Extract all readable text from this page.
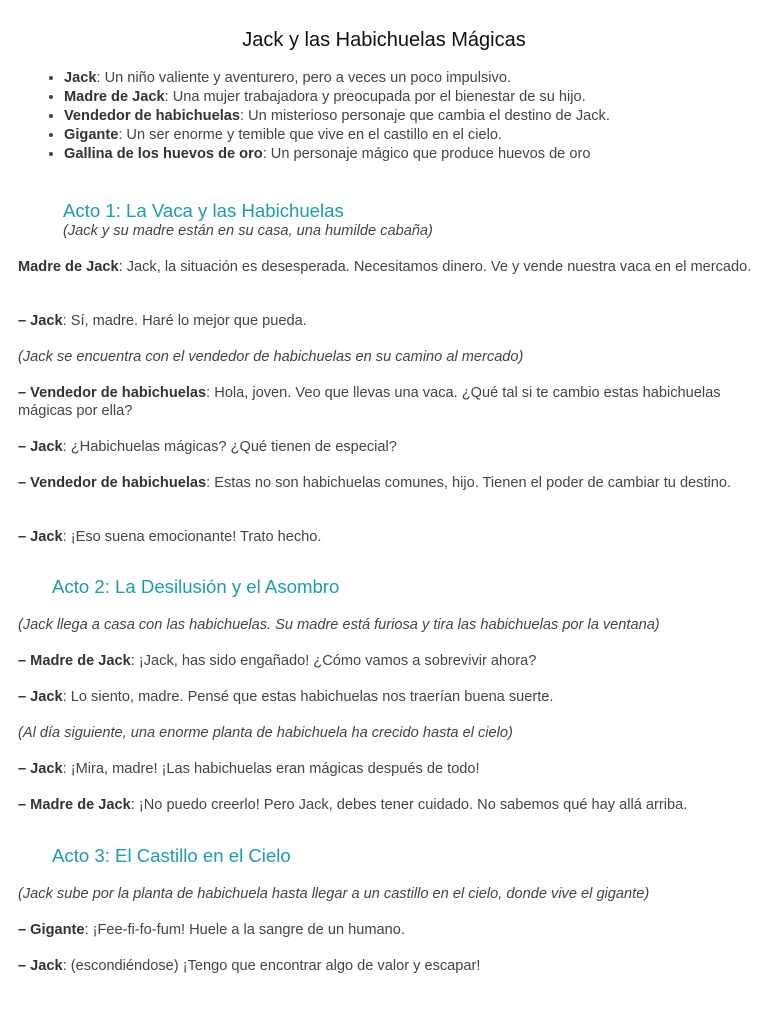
Jack y las Habichuelas Mágicas
• Jack: Un niño valiente y aventurero, pero a veces un poco impulsivo.
• Madre de Jack: Una mujer trabajadora y preocupada por el bienestar de su hijo.
• Vendedor de habichuelas: Un misterioso personaje que cambia el destino de Jack.
• Gigante: Un ser enorme y temible que vive en el castillo en el cielo.
• Gallina de los huevos de oro: Un personaje mágico que produce huevos de oro
Acto 1: La Vaca y las Habichuelas
(Jack y su madre están en su casa, una humilde cabaña)
Madre de Jack: Jack, la situación es desesperada. Necesitamos dinero. Ve y vende nuestra vaca en el mercado.
– Jack: Sí, madre. Haré lo mejor que pueda.
(Jack se encuentra con el vendedor de habichuelas en su camino al mercado)
– Vendedor de habichuelas: Hola, joven. Veo que llevas una vaca. ¿Qué tal si te cambio estas habichuelas mágicas por ella?
– Jack: ¿Habichuelas mágicas? ¿Qué tienen de especial?
– Vendedor de habichuelas: Estas no son habichuelas comunes, hijo. Tienen el poder de cambiar tu destino.
– Jack: ¡Eso suena emocionante! Trato hecho.
Acto 2: La Desilusión y el Asombro
(Jack llega a casa con las habichuelas. Su madre está furiosa y tira las habichuelas por la ventana)
– Madre de Jack: ¡Jack, has sido engañado! ¿Cómo vamos a sobrevivir ahora?
– Jack: Lo siento, madre. Pensé que estas habichuelas nos traerían buena suerte.
(Al día siguiente, una enorme planta de habichuela ha crecido hasta el cielo)
– Jack: ¡Mira, madre! ¡Las habichuelas eran mágicas después de todo!
– Madre de Jack: ¡No puedo creerlo! Pero Jack, debes tener cuidado. No sabemos qué hay allá arriba.
Acto 3: El Castillo en el Cielo
(Jack sube por la planta de habichuela hasta llegar a un castillo en el cielo, donde vive el gigante)
– Gigante: ¡Fee-fi-fo-fum! Huele a la sangre de un humano.
– Jack: (escondiéndose) ¡Tengo que encontrar algo de valor y escapar!
